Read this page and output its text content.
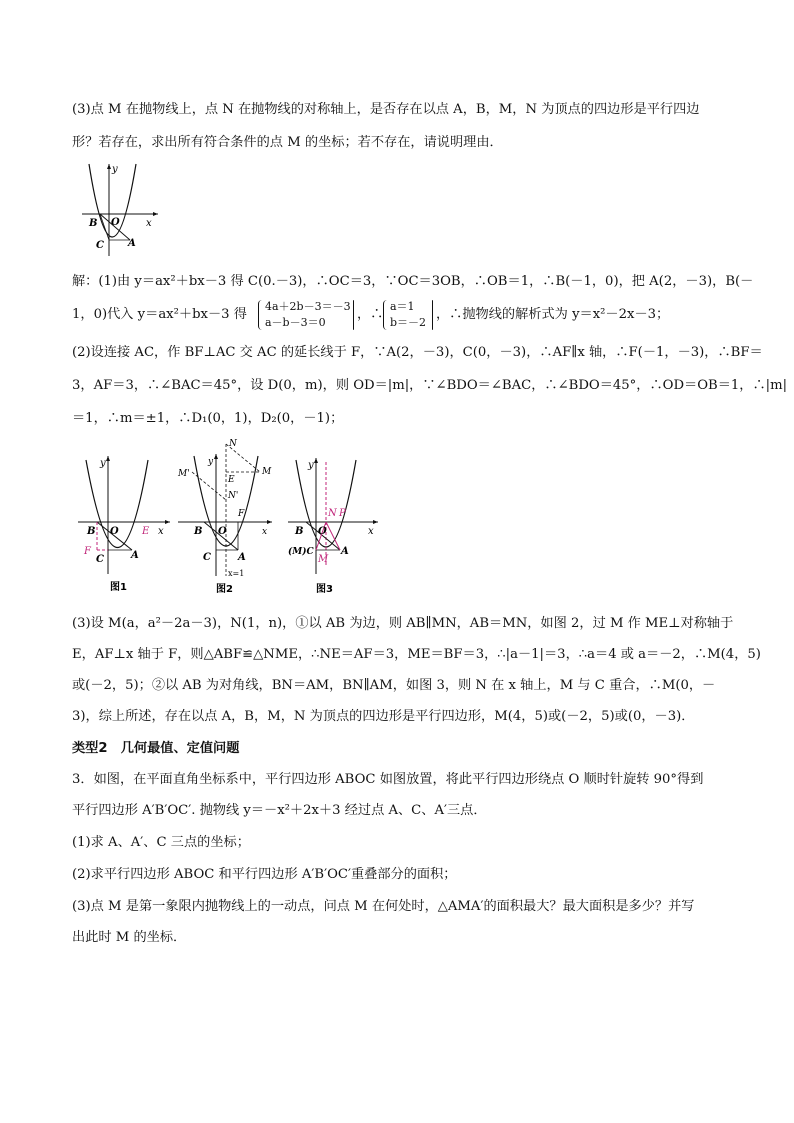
(3)点 M 在抛物线上，点 N 在抛物线的对称轴上，是否存在以点 A，B，M，N 为顶点的四边形是平行四边
形？若存在，求出所有符合条件的点 M 的坐标；若不存在，请说明理由．
y
B O	x
C A
解：(1)由 y＝ax²＋bx－3 得 C(0.－3)，∴OC＝3，∵OC＝3OB，∴OB＝1，∴B(－1，0)，把 A(2，－3)，B(－
1，0)代入 y＝ax²＋bx－3 得
4a＋2b－3＝－3
a－b－3＝0
，∴
a＝1
b＝－2
，∴抛物线的解析式为 y＝x²－2x－3；
(2)设连接 AC，作 BF⊥AC 交 AC 的延长线于 F，∵A(2，－3)，C(0，－3)，∴AF∥x 轴，∴F(－1，－3)，∴BF＝
3，AF＝3，∴∠BAC＝45°，设 D(0，m)，则 OD＝|m|，∵∠BDO＝∠BAC，∴∠BDO＝45°，∴OD＝OB＝1，∴|m|
＝1，∴m＝±1，∴D₁(0，1)，D₂(0，－1)；
y
B O	x
E
F
C	A
图1
N
M'	M
E
N'
y
F
B O	x
C	A
x=1
图2
y
N P
B O	x
(M)C
M
A
图3
(3)设 M(a，a²－2a－3)，N(1，n)，①以 AB 为边，则 AB∥MN，AB＝MN，如图 2，过 M 作 ME⊥对称轴于
E，AF⊥x 轴于 F，则△ABF≌△NME，∴NE＝AF＝3，ME＝BF＝3，∴|a－1|＝3，∴a＝4 或 a＝－2，∴M(4，5)
或(－2，5)；②以 AB 为对角线，BN＝AM，BN∥AM，如图 3，则 N 在 x 轴上，M 与 C 重合，∴M(0，－
3)，综上所述，存在以点 A，B，M，N 为顶点的四边形是平行四边形，M(4，5)或(－2，5)或(0，－3)．
类型2　几何最值、定值问题
3．如图，在平面直角坐标系中，平行四边形 ABOC 如图放置，将此平行四边形绕点 O 顺时针旋转 90°得到
平行四边形 A′B′OC′. 抛物线 y＝－x²＋2x＋3 经过点 A、C、A′三点．
(1)求 A、A′、C 三点的坐标；
(2)求平行四边形 ABOC 和平行四边形 A′B′OC′重叠部分的面积；
(3)点 M 是第一象限内抛物线上的一动点，问点 M 在何处时，△AMA′的面积最大？最大面积是多少？并写
出此时 M 的坐标．
